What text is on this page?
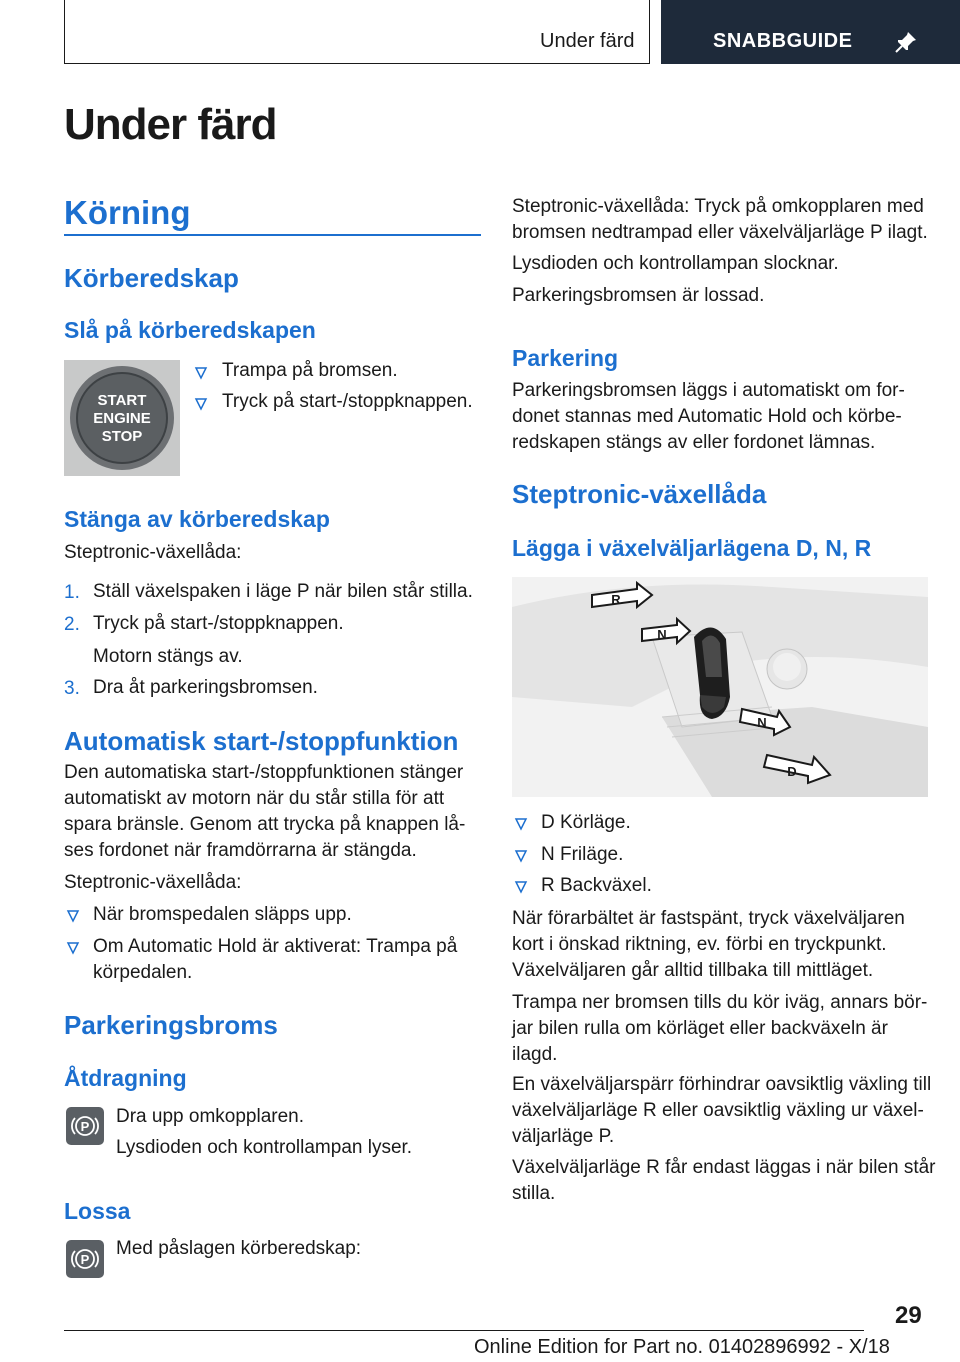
Under färd	SNABBGUIDE
Under färd
Körning
Körberedskap
Slå på körberedskapen
START
ENGINE
STOP
Trampa på bromsen.
Tryck på start-/stoppknappen.
Stänga av körberedskap
Steptronic-växellåda:
1. Ställ växelspaken i läge P när bilen står stilla.
2. Tryck på start-/stoppknappen.
Motorn stängs av.
3. Dra åt parkeringsbromsen.
Automatisk start-/stoppfunktion
Den automatiska start-/stoppfunktionen stänger
automatiskt av motorn när du står stilla för att
spara bränsle. Genom att trycka på knappen lå-
ses fordonet när framdörrarna är stängda.
Steptronic-växellåda:
När bromspedalen släpps upp.
Om Automatic Hold är aktiverat: Trampa på
körpedalen.
Parkeringsbroms
Åtdragning
P Dra upp omkopplaren.
Lysdioden och kontrollampan lyser.
Lossa
P
Med påslagen körberedskap:
Steptronic-växellåda: Tryck på omkopplaren med
bromsen nedtrampad eller växelväljarläge P ilagt.
Lysdioden och kontrollampan slocknar.
Parkeringsbromsen är lossad.
Parkering
Parkeringsbromsen läggs i automatiskt om for-
donet stannas med Automatic Hold och körbe-
redskapen stängs av eller fordonet lämnas.
Steptronic-växellåda
Lägga i växelväljarlägena D, N, R
R
N
N
D
D Körläge.
N Friläge.
R Backväxel.
När förarbältet är fastspänt, tryck växelväljaren
kort i önskad riktning, ev. förbi en tryckpunkt.
Växelväljaren går alltid tillbaka till mittläget.
Trampa ner bromsen tills du kör iväg, annars bör-
jar bilen rulla om körläget eller backväxeln är
ilagd.
En växelväljarspärr förhindrar oavsiktlig växling till
växelväljarläge R eller oavsiktlig växling ur växel-
väljarläge P.
Växelväljarläge R får endast läggas i när bilen står
stilla.
29
Online Edition for Part no. 01402896992 - X/18
